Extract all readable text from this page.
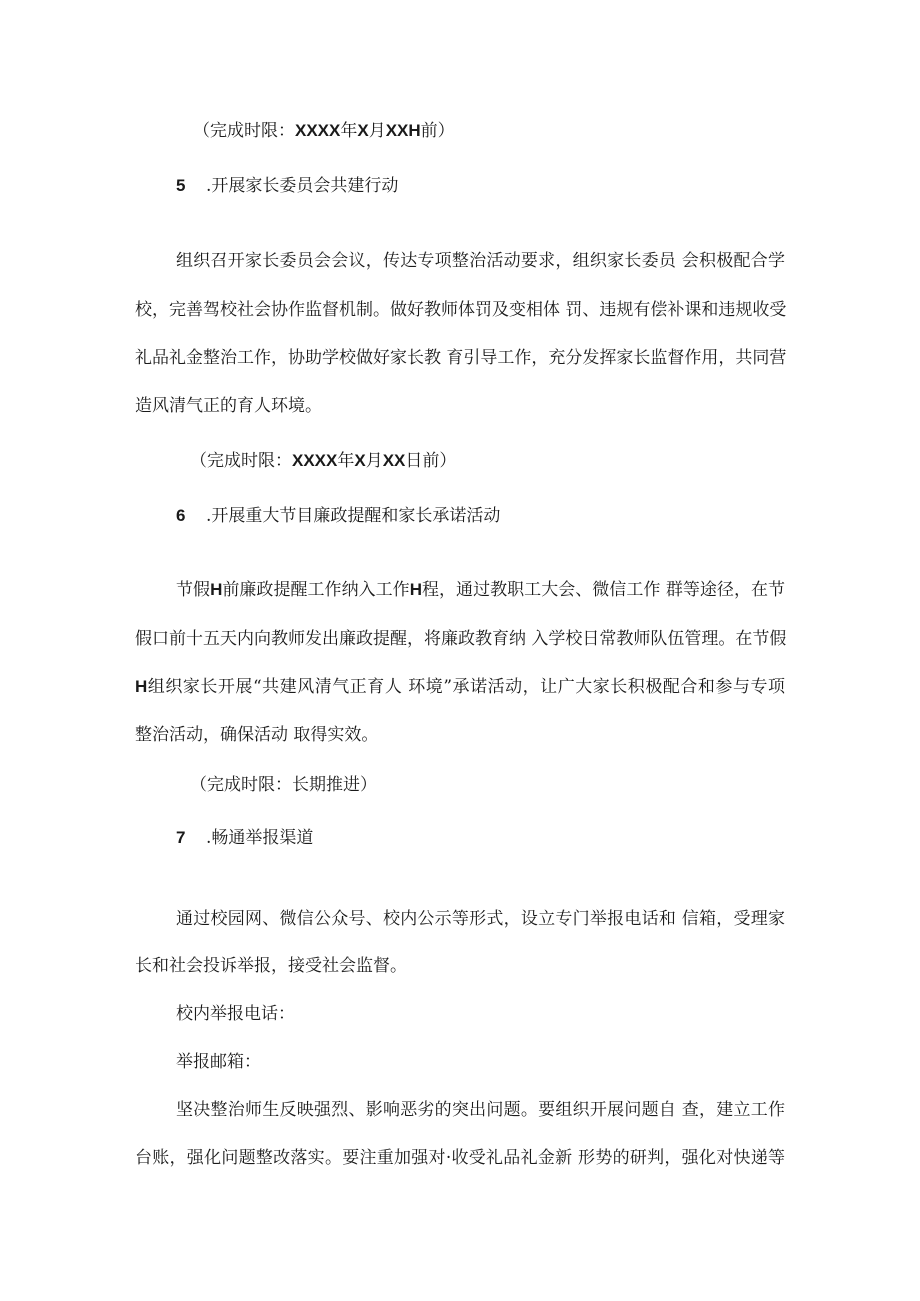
（完成时限：XXXX年X月XXH前）

5 .开展家长委员会共建行动

组织召开家长委员会会议，传达专项整治活动要求，组织家长委员 会积极配合学

校，完善驾校社会协作监督机制。做好教师体罚及变相体 罚、违规有偿补课和违规收受

礼品礼金整治工作，协助学校做好家长教 育引导工作，充分发挥家长监督作用，共同营

造风清气正的育人环境。

（完成时限：XXXX年X月XX日前）

6 .开展重大节目廉政提醒和家长承诺活动

节假H前廉政提醒工作纳入工作H程，通过教职工大会、微信工作 群等途径，在节

假口前十五天内向教师发出廉政提醒，将廉政教育纳 入学校日常教师队伍管理。在节假

H组织家长开展“共建风清气正育人 环境”承诺活动，让广大家长积极配合和参与专项

整治活动，确保活动 取得实效。

（完成时限：长期推进）

7 .畅通举报渠道

通过校园网、微信公众号、校内公示等形式，设立专门举报电话和 信箱，受理家

长和社会投诉举报，接受社会监督。

校内举报电话：

举报邮箱：

坚决整治师生反映强烈、影响恶劣的突出问题。要组织开展问题自 查，建立工作

台账，强化问题整改落实。要注重加强对·收受礼品礼金新 形势的研判，强化对快递等
